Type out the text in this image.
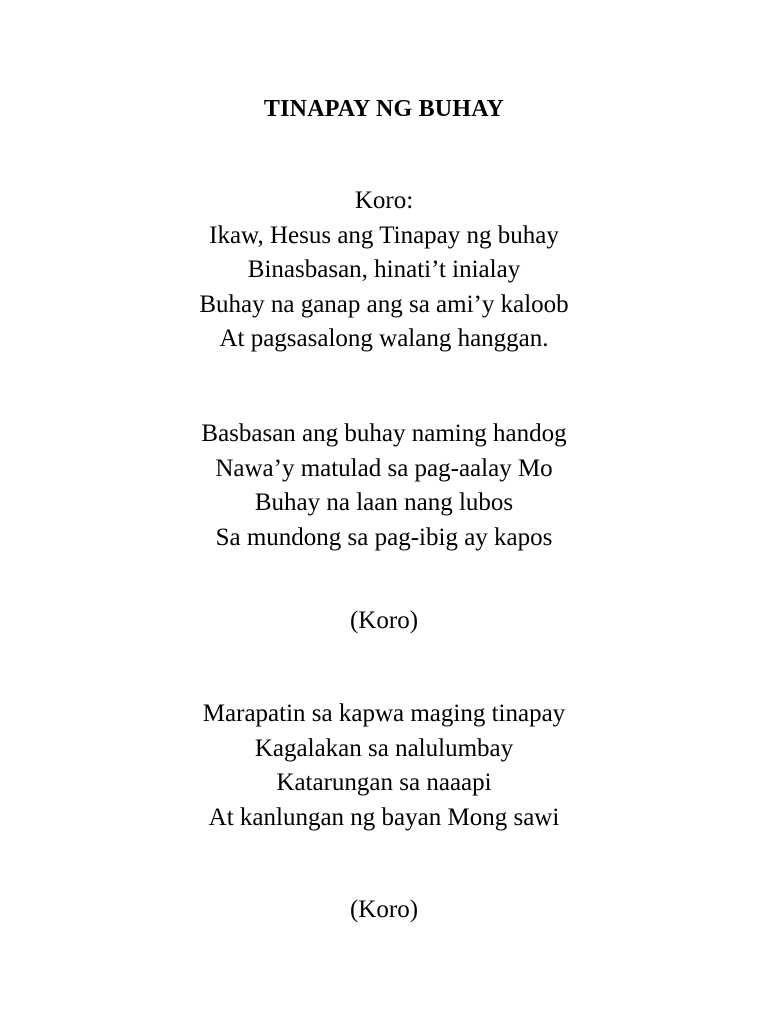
TINAPAY NG BUHAY
Koro:
Ikaw, Hesus ang Tinapay ng buhay
Binasbasan, hinati’t inialay
Buhay na ganap ang sa ami’y kaloob
At pagsasalong walang hanggan.
Basbasan ang buhay naming handog
Nawa’y matulad sa pag-aalay Mo
Buhay na laan nang lubos
Sa mundong sa pag-ibig ay kapos
(Koro)
Marapatin sa kapwa maging tinapay
Kagalakan sa nalulumbay
Katarungan sa naaapi
At kanlungan ng bayan Mong sawi
(Koro)
